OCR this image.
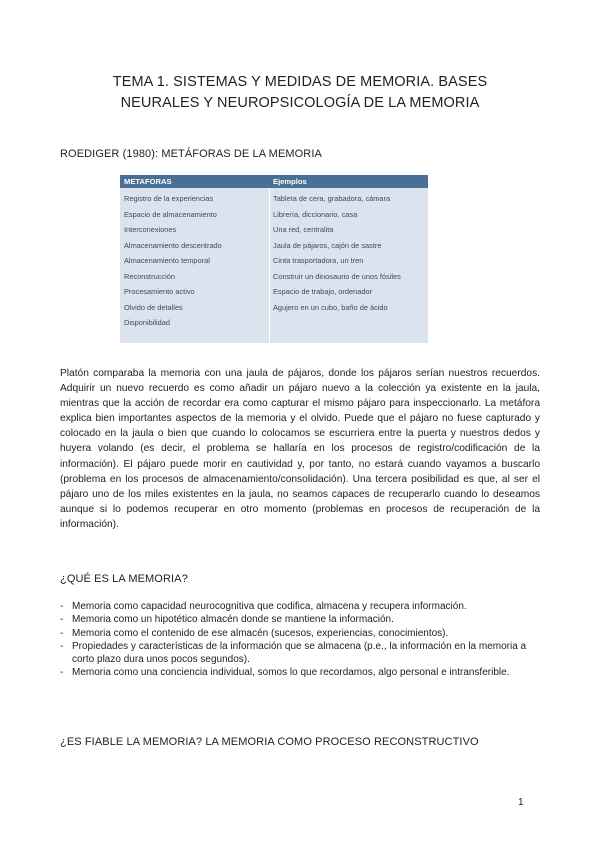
TEMA 1. SISTEMAS Y MEDIDAS DE MEMORIA. BASES
NEURALES Y NEUROPSICOLOGÍA DE LA MEMORIA
ROEDIGER (1980): METÁFORAS DE LA MEMORIA
METAFORAS	Ejemplos
Registro de la experiencias	Tableta de cera, grabadora, cámara
Espacio de almacenamiento	Librería, diccionario, casa
Interconexiones	Una red, centralita
Almacenamiento descentrado	Jaula de pájaros, cajón de sastre
Almacenamiento temporal	Cinta trasportadora, un tren
Reconstrucción	Construir un dinosaurio de unos fósiles
Procesamiento activo	Espacio de trabajo, ordenador
Olvido de detalles	Agujero en un cubo, baño de ácido
Disponibilidad
Platón comparaba la memoria con una jaula de pájaros, donde los pájaros serían nuestros recuerdos. Adquirir un nuevo recuerdo es como añadir un pájaro nuevo a la colección ya existente en la jaula, mientras que la acción de recordar era como capturar el mismo pájaro para inspeccionarlo. La metáfora explica bien importantes aspectos de la memoria y el olvido. Puede que el pájaro no fuese capturado y colocado en la jaula o bien que cuando lo colocamos se escurriera entre la puerta y nuestros dedos y huyera volando (es decir, el problema se hallaría en los procesos de registro/codificación de la información). El pájaro puede morir en cautividad y, por tanto, no estará cuando vayamos a buscarlo (problema en los procesos de almacenamiento/consolidación). Una tercera posibilidad es que, al ser el pájaro uno de los miles existentes en la jaula, no seamos capaces de recuperarlo cuando lo deseamos aunque si lo podemos recuperar en otro momento (problemas en procesos de recuperación de la información).
¿QUÉ ES LA MEMORIA?
- Memoria como capacidad neurocognitiva que codifica, almacena y recupera información.
- Memoria como un hipotético almacén donde se mantiene la información.
- Memoria como el contenido de ese almacén (sucesos, experiencias, conocimientos).
- Propiedades y características de la información que se almacena (p.e., la información en la memoria a corto plazo dura unos pocos segundos).
- Memoria como una conciencia individual, somos lo que recordamos, algo personal e intransferible.
¿ES FIABLE LA MEMORIA? LA MEMORIA COMO PROCESO RECONSTRUCTIVO
1
